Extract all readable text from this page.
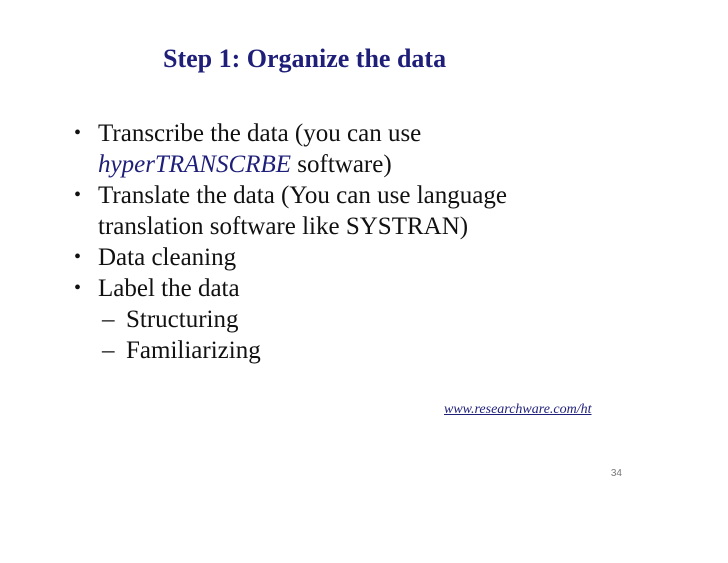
Step 1: Organize the data
• Transcribe the data (you can use
hyperTRANSCRBE software)
• Translate the data (You can use language
translation software like SYSTRAN)
• Data cleaning
• Label the data
– Structuring
– Familiarizing
www.researchware.com/ht
34
